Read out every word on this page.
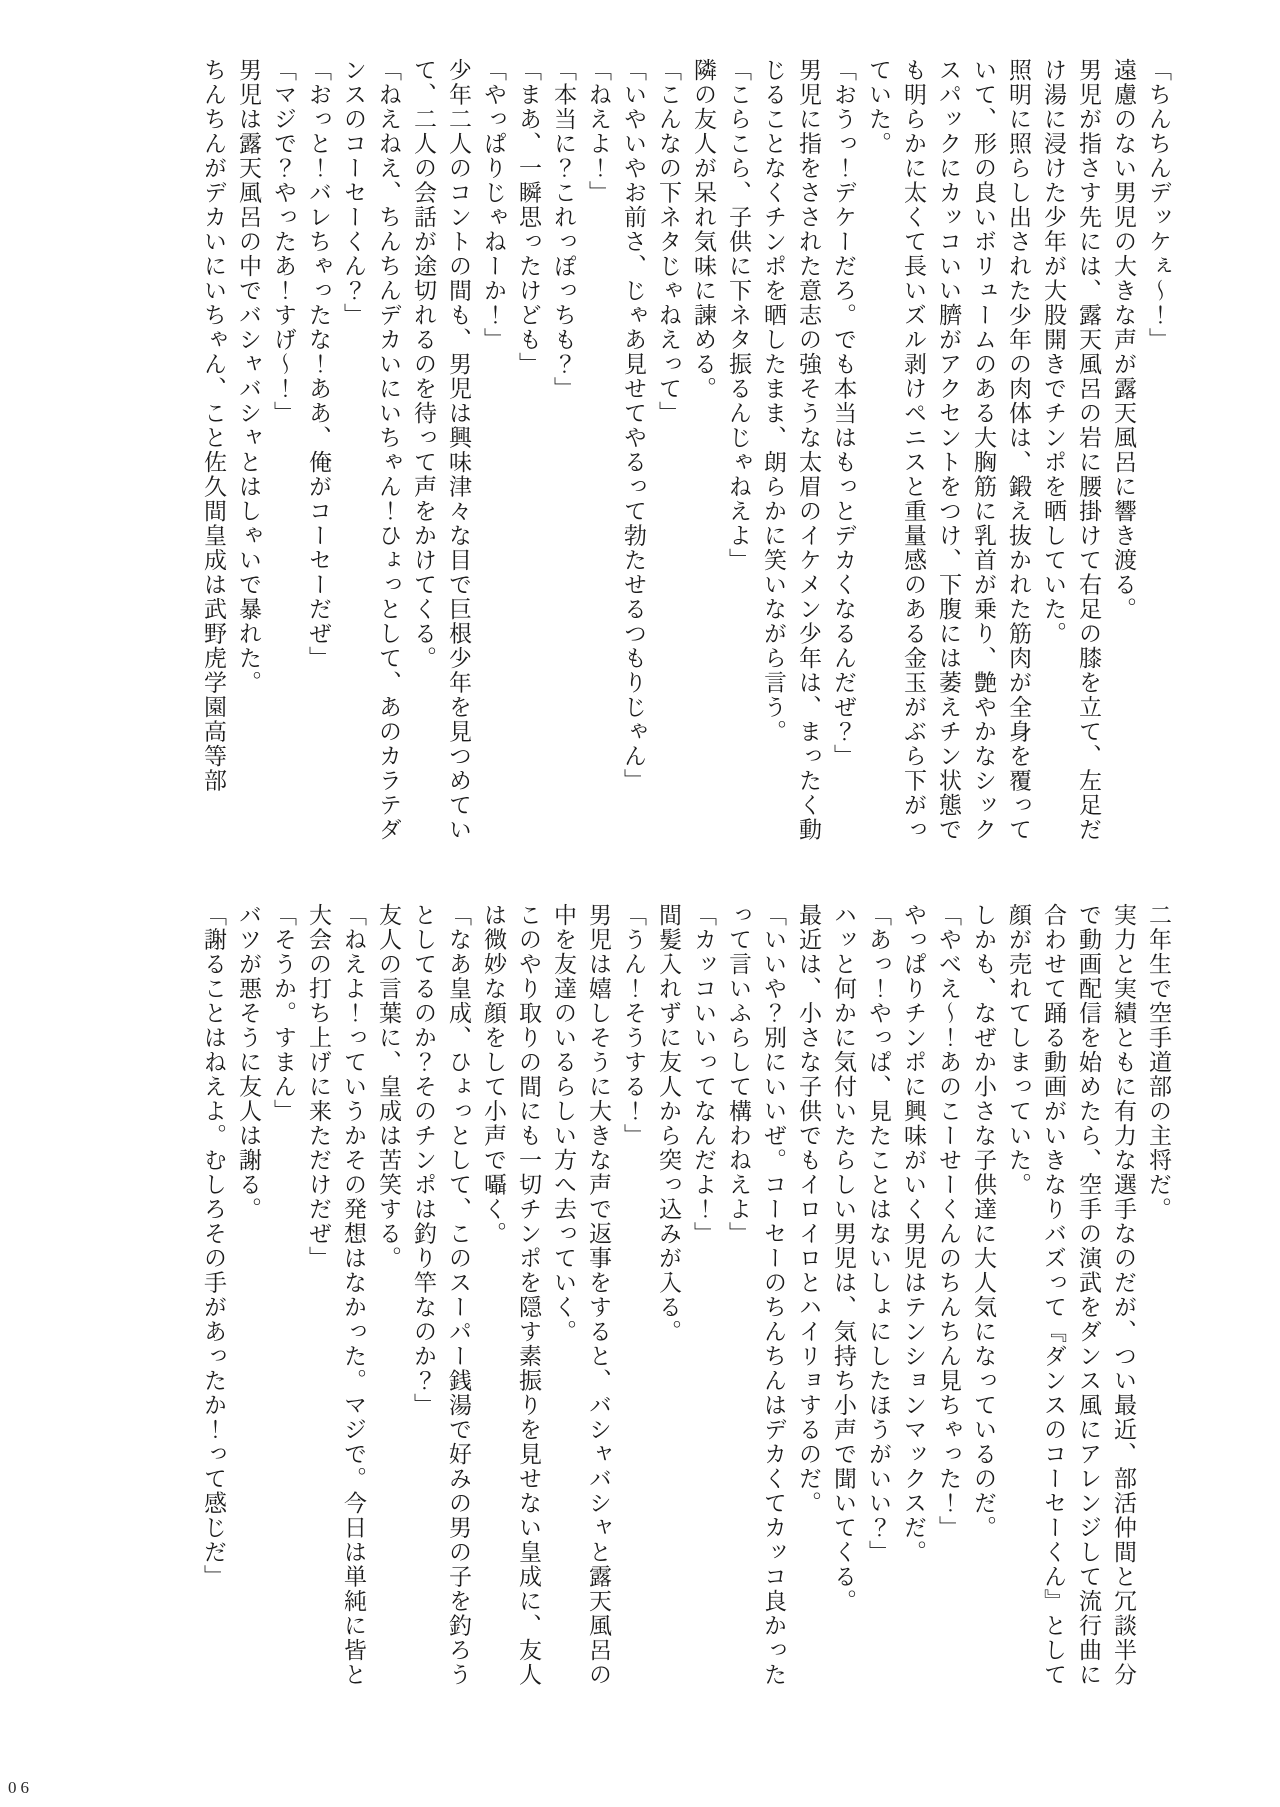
「ちんちんデッケぇ～！」

遠慮のない男児の大きな声が露天風呂に響き渡る。

男児が指さす先には、露天風呂の岩に腰掛けて右足の膝を立て、左足だけ湯に浸けた少年が大股開きでチンポを晒していた。

照明に照らし出された少年の肉体は、鍛え抜かれた筋肉が全身を覆っていて、形の良いボリュームのある大胸筋に乳首が乗り、艶やかなシックスパックにカッコいい臍がアクセントをつけ、下腹には萎えチン状態でも明らかに太くて長いズル剥けペニスと重量感のある金玉がぶら下がっていた。

「おうっ！デケーだろ。でも本当はもっとデカくなるんだぜ？」

男児に指をさされた意志の強そうな太眉のイケメン少年は、まったく動じることなくチンポを晒したまま、朗らかに笑いながら言う。

「こらこら、子供に下ネタ振るんじゃねえよ」

隣の友人が呆れ気味に諫める。

「こんなの下ネタじゃねえって」

「いやいやお前さ、じゃあ見せてやるって勃たせるつもりじゃん」

「ねえよ！」

「本当に？これっぽっちも？」

「まあ、一瞬思ったけども」

「やっぱりじゃねーか！」

少年二人のコントの間も、男児は興味津々な目で巨根少年を見つめていて、二人の会話が途切れるのを待って声をかけてくる。

「ねえねえ、ちんちんデカいにいちゃん！ひょっとして、あのカラテダンスのコーセーくん？」

「おっと！バレちゃったな！ああ、俺がコーセーだぜ」

「マジで？やったあ！すげ～！」

男児は露天風呂の中でバシャバシャとはしゃいで暴れた。

ちんちんがデカいにいちゃん、こと佐久間皇成は武野虎学園高等部

二年生で空手道部の主将だ。

実力と実績ともに有力な選手なのだが、つい最近、部活仲間と冗談半分で動画配信を始めたら、空手の演武をダンス風にアレンジして流行曲に合わせて踊る動画がいきなりバズって『ダンスのコーセーくん』として顔が売れてしまっていた。

しかも、なぜか小さな子供達に大人気になっているのだ。

「やべえ～！あのこーせーくんのちんちん見ちゃった！」

やっぱりチンポに興味がいく男児はテンションマックスだ。

「あっ！やっぱ、見たことはないしょにしたほうがいい？」

ハッと何かに気付いたらしい男児は、気持ち小声で聞いてくる。

最近は、小さな子供でもイロイロとハイリョするのだ。

「いいや？別にいいぜ。コーセーのちんちんはデカくてカッコ良かったって言いふらして構わねえよ」

「カッコいいってなんだよ！」

間髪入れずに友人から突っ込みが入る。

「うん！そうする！」

男児は嬉しそうに大きな声で返事をすると、バシャバシャと露天風呂の中を友達のいるらしい方へ去っていく。

このやり取りの間にも一切チンポを隠す素振りを見せない皇成に、友人は微妙な顔をして小声で囁く。

「なあ皇成、ひょっとして、このスーパー銭湯で好みの男の子を釣ろうとしてるのか？そのチンポは釣り竿なのか？」

友人の言葉に、皇成は苦笑する。

「ねえよ！っていうかその発想はなかった。マジで。今日は単純に皆と大会の打ち上げに来ただけだぜ」

「そうか。すまん」

バツが悪そうに友人は謝る。

「謝ることはねえよ。むしろその手があったか！って感じだ」

06
